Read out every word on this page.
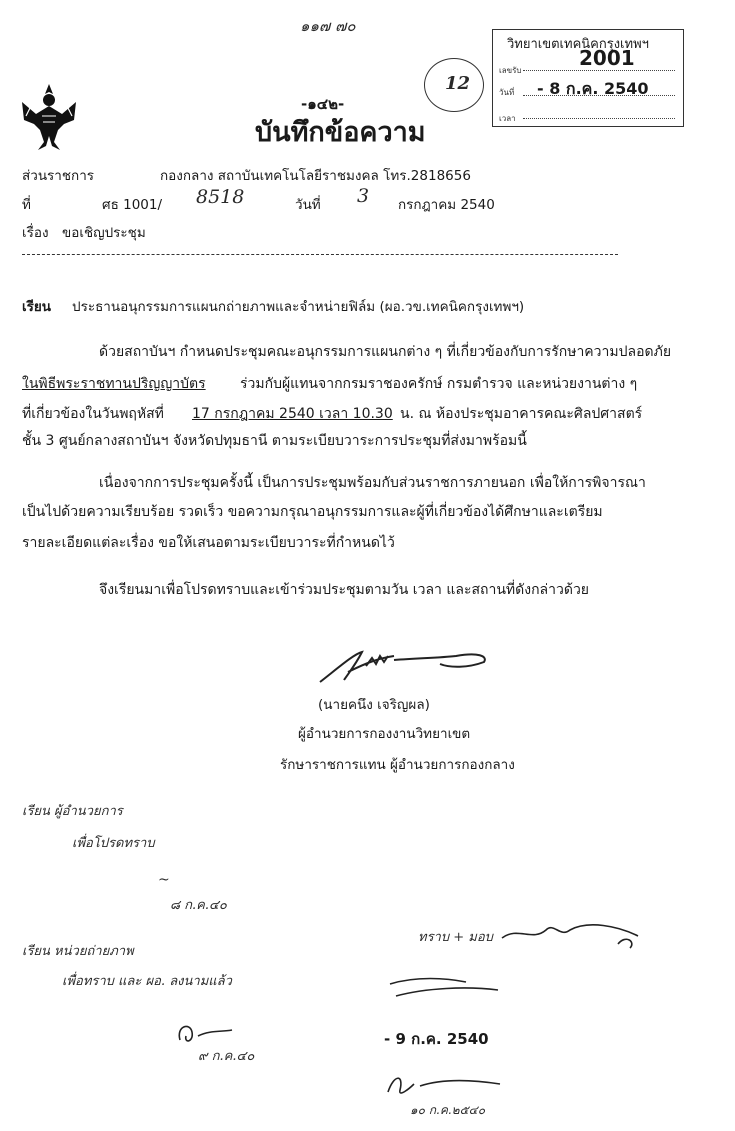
๑๑๗ ๗๐
วิทยาเขตเทคนิคกรุงเทพฯ
2001
เลขรับ
วันที่ - 8 ก.ค. 2540
เวลา
12
-๑๔๒-
บันทึกข้อความ
ส่วนราชการ	กองกลาง สถาบันเทคโนโลยีราชมงคล โทร.2818656
ที่	ศธ 1001/ 8518	วันที่ 3 กรกฎาคม 2540
เรื่อง ขอเชิญประชุม
เรียน ประธานอนุกรรมการแผนกถ่ายภาพและจำหน่ายฟิล์ม (ผอ.วข.เทคนิคกรุงเทพฯ)
ด้วยสถาบันฯ กำหนดประชุมคณะอนุกรรมการแผนกต่าง ๆ ที่เกี่ยวข้องกับการรักษาความปลอดภัย
ในพิธีพระราชทานปริญญาบัตร ร่วมกับผู้แทนจากกรมราชองครักษ์ กรมตำรวจ และหน่วยงานต่าง ๆ
ที่เกี่ยวข้องในวันพฤหัสที่ 17 กรกฎาคม 2540 เวลา 10.30 น. ณ ห้องประชุมอาคารคณะศิลปศาสตร์
ชั้น 3 ศูนย์กลางสถาบันฯ จังหวัดปทุมธานี ตามระเบียบวาระการประชุมที่ส่งมาพร้อมนี้
เนื่องจากการประชุมครั้งนี้ เป็นการประชุมพร้อมกับส่วนราชการภายนอก เพื่อให้การพิจารณา
เป็นไปด้วยความเรียบร้อย รวดเร็ว ขอความกรุณาอนุกรรมการและผู้ที่เกี่ยวข้องได้ศึกษาและเตรียม
รายละเอียดแต่ละเรื่อง ขอให้เสนอตามระเบียบวาระที่กำหนดไว้
จึงเรียนมาเพื่อโปรดทราบและเข้าร่วมประชุมตามวัน เวลา และสถานที่ดังกล่าวด้วย
(นายคนึง เจริญผล)
ผู้อำนวยการกองงานวิทยาเขต
รักษาราชการแทน ผู้อำนวยการกองกลาง
เรียน ผู้อำนวยการ
เพื่อโปรดทราบ
~
๘ ก.ค.๔๐
เรียน หน่วยถ่ายภาพ
เพื่อทราบ และ ผอ. ลงนามแล้ว
๙ ก.ค.๔๐
ทราบ + มอบ
- 9 ก.ค. 2540
๑๐ ก.ค.๒๕๔๐
